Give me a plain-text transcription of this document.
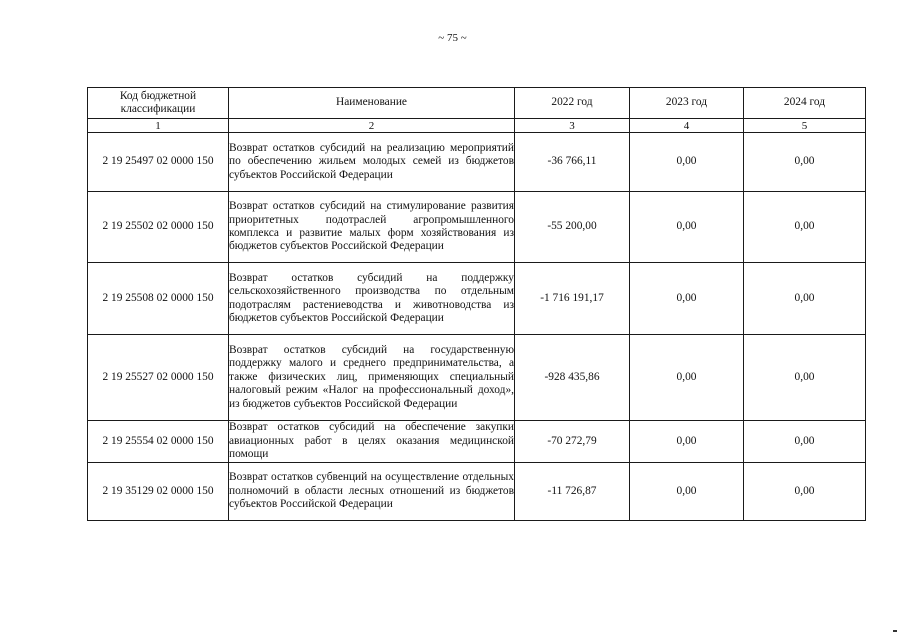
~ 75 ~
Код бюджетной классификации	Наименование	2022 год	2023 год	2024 год
1	2	3	4	5
2 19 25497 02 0000 150	Возврат остатков субсидий на реализацию мероприятий по обеспечению жильем молодых семей из бюджетов субъектов Российской Федерации	-36 766,11	0,00	0,00
2 19 25502 02 0000 150	Возврат остатков субсидий на стимулирование развития приоритетных подотраслей агропромышленного комплекса и развитие малых форм хозяйствования из бюджетов субъектов Российской Федерации	-55 200,00	0,00	0,00
2 19 25508 02 0000 150	Возврат остатков субсидий на поддержку сельскохозяйственного производства по отдельным подотраслям растениеводства и животноводства из бюджетов субъектов Российской Федерации	-1 716 191,17	0,00	0,00
2 19 25527 02 0000 150	Возврат остатков субсидий на государственную поддержку малого и среднего предпринимательства, а также физических лиц, применяющих специальный налоговый режим «Налог на профессиональный доход», из бюджетов субъектов Российской Федерации	-928 435,86	0,00	0,00
2 19 25554 02 0000 150	Возврат остатков субсидий на обеспечение закупки авиационных работ в целях оказания медицинской помощи	-70 272,79	0,00	0,00
2 19 35129 02 0000 150	Возврат остатков субвенций на осуществление отдельных полномочий в области лесных отношений из бюджетов субъектов Российской Федерации	-11 726,87	0,00	0,00
